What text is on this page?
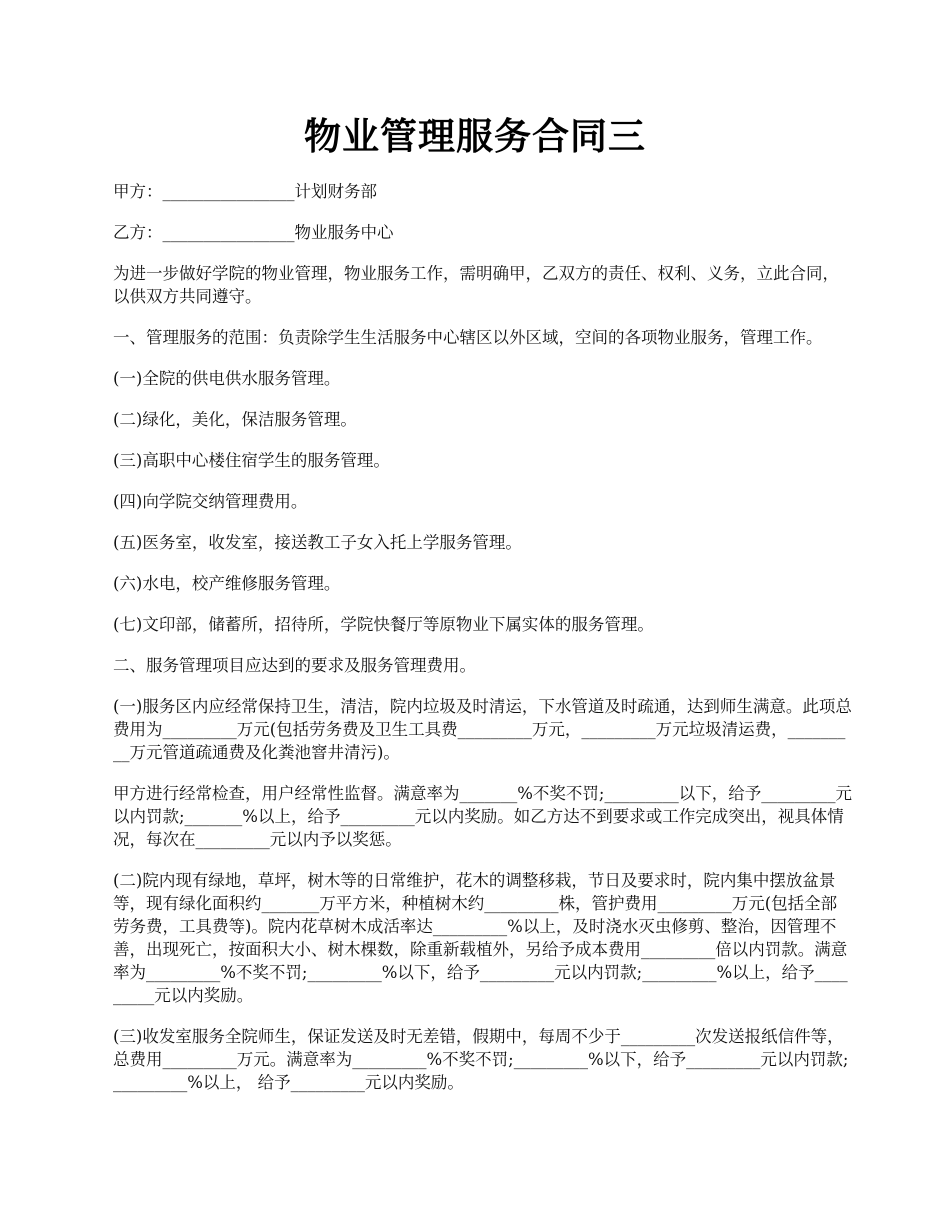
物业管理服务合同三

甲方：________________计划财务部

乙方：________________物业服务中心

为进一步做好学院的物业管理，物业服务工作，需明确甲，乙双方的责任、权利、义务，立此合同，以供双方共同遵守。

一、管理服务的范围：负责除学生生活服务中心辖区以外区域，空间的各项物业服务，管理工作。

(一)全院的供电供水服务管理。

(二)绿化，美化，保洁服务管理。

(三)高职中心楼住宿学生的服务管理。

(四)向学院交纳管理费用。

(五)医务室，收发室，接送教工子女入托上学服务管理。

(六)水电，校产维修服务管理。

(七)文印部，储蓄所，招待所，学院快餐厅等原物业下属实体的服务管理。

二、服务管理项目应达到的要求及服务管理费用。

(一)服务区内应经常保持卫生，清洁，院内垃圾及时清运，下水管道及时疏通，达到师生满意。此项总费用为_________万元(包括劳务费及卫生工具费_________万元，_________万元垃圾清运费，_________万元管道疏通费及化粪池窨井清污)。

甲方进行经常检查，用户经常性监督。满意率为_______%不奖不罚;_________以下，给予_________元以内罚款;_______%以上，给予_________元以内奖励。如乙方达不到要求或工作完成突出，视具体情况，每次在_________元以内予以奖惩。

(二)院内现有绿地，草坪，树木等的日常维护，花木的调整移栽，节日及要求时，院内集中摆放盆景等，现有绿化面积约_______万平方米，种植树木约_________株，管护费用_________万元(包括全部劳务费，工具费等)。院内花草树木成活率达_________%以上，及时浇水灭虫修剪、整治，因管理不善，出现死亡，按面积大小、树木棵数，除重新载植外，另给予成本费用_________倍以内罚款。满意率为_________%不奖不罚;_________%以下，给予_________元以内罚款;_________%以上，给予_________元以内奖励。

(三)收发室服务全院师生，保证发送及时无差错，假期中，每周不少于_________次发送报纸信件等，总费用_________万元。满意率为_________%不奖不罚;_________%以下，给予_________元以内罚款;_________%以上， 给予_________元以内奖励。
